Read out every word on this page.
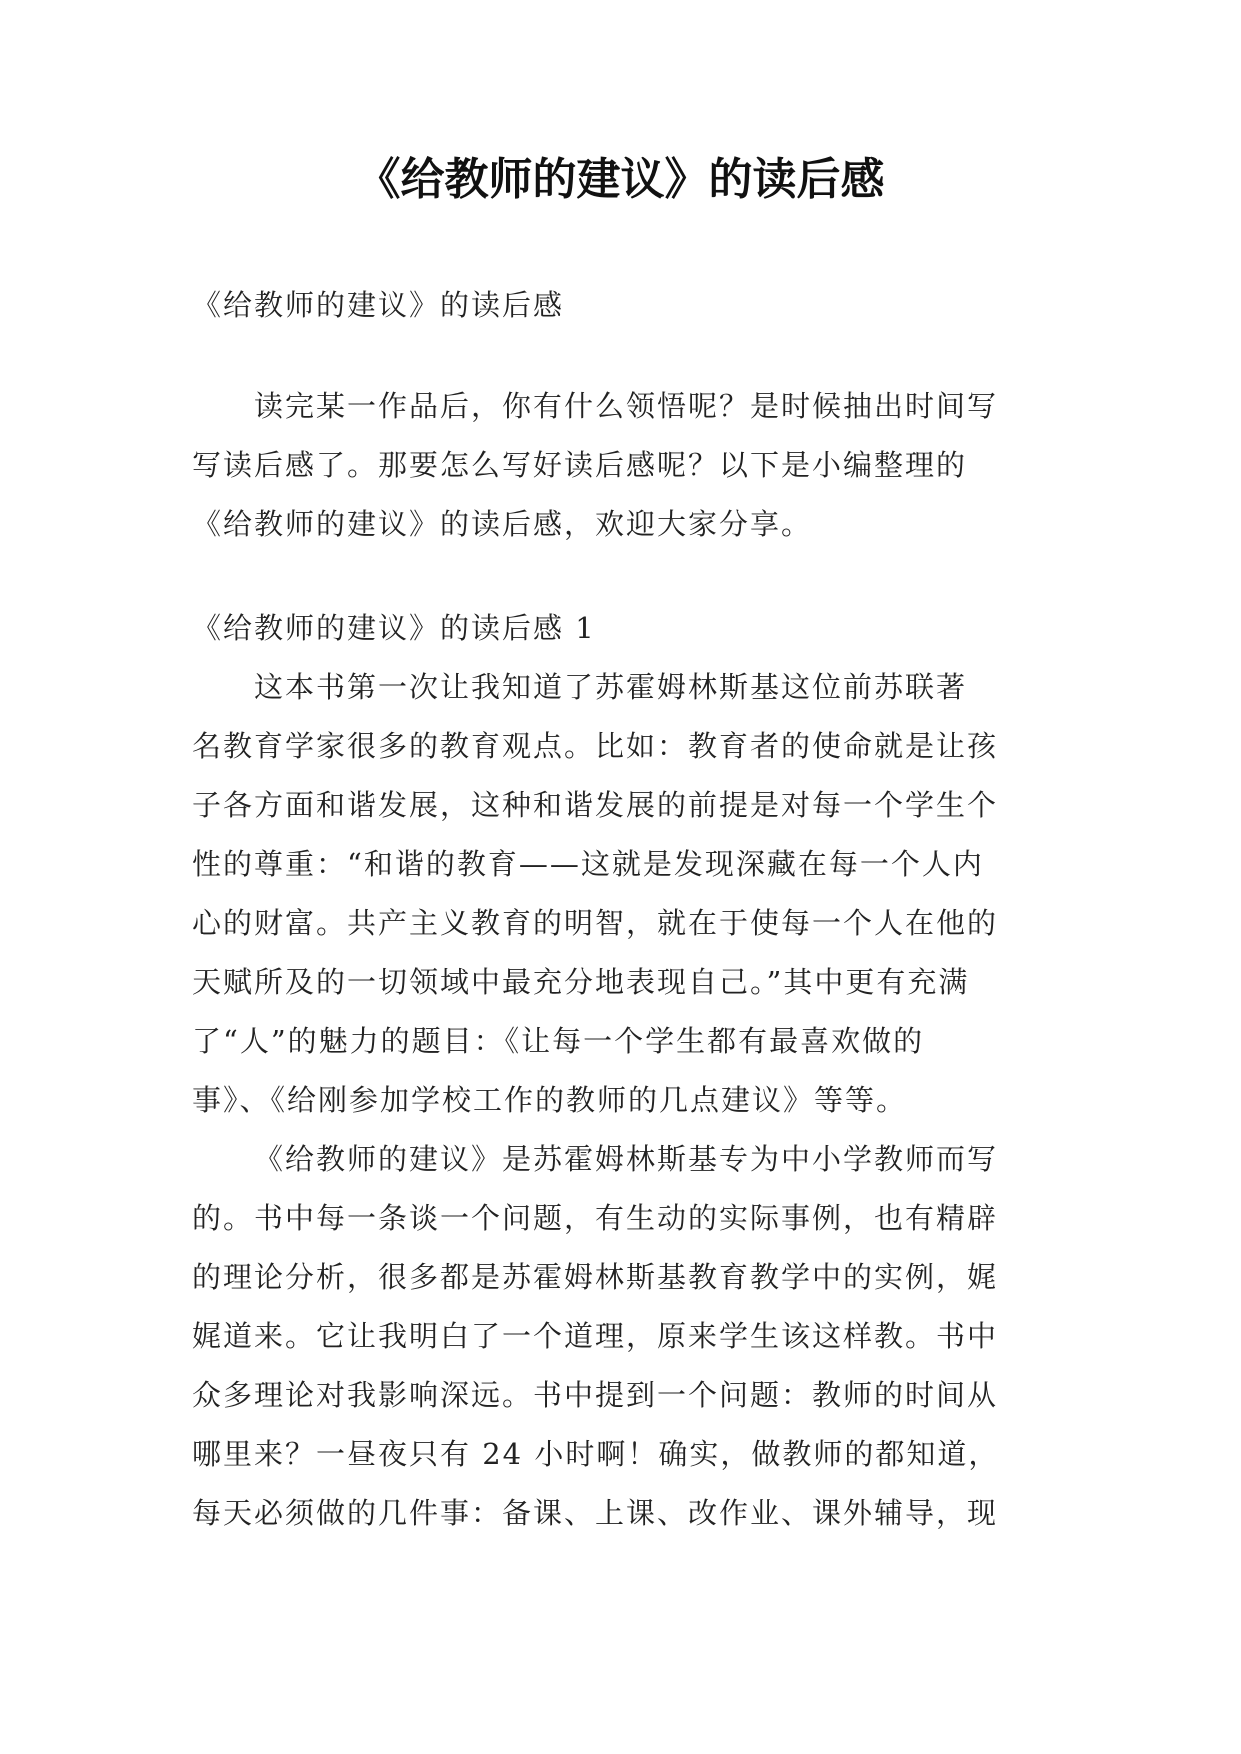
《给教师的建议》的读后感

《给教师的建议》的读后感

读完某一作品后，你有什么领悟呢？是时候抽出时间写

写读后感了。那要怎么写好读后感呢？以下是小编整理的

《给教师的建议》的读后感，欢迎大家分享。

《给教师的建议》的读后感 1

这本书第一次让我知道了苏霍姆林斯基这位前苏联著

名教育学家很多的教育观点。比如：教育者的使命就是让孩

子各方面和谐发展，这种和谐发展的前提是对每一个学生个

性的尊重：“和谐的教育——这就是发现深藏在每一个人内

心的财富。共产主义教育的明智，就在于使每一个人在他的

天赋所及的一切领域中最充分地表现自己。”其中更有充满

了“人”的魅力的题目：《让每一个学生都有最喜欢做的

事》、《给刚参加学校工作的教师的几点建议》等等。

《给教师的建议》是苏霍姆林斯基专为中小学教师而写

的。书中每一条谈一个问题，有生动的实际事例，也有精辟

的理论分析，很多都是苏霍姆林斯基教育教学中的实例，娓

娓道来。它让我明白了一个道理，原来学生该这样教。书中

众多理论对我影响深远。书中提到一个问题：教师的时间从

哪里来？一昼夜只有 24 小时啊！确实，做教师的都知道，

每天必须做的几件事：备课、上课、改作业、课外辅导，现
